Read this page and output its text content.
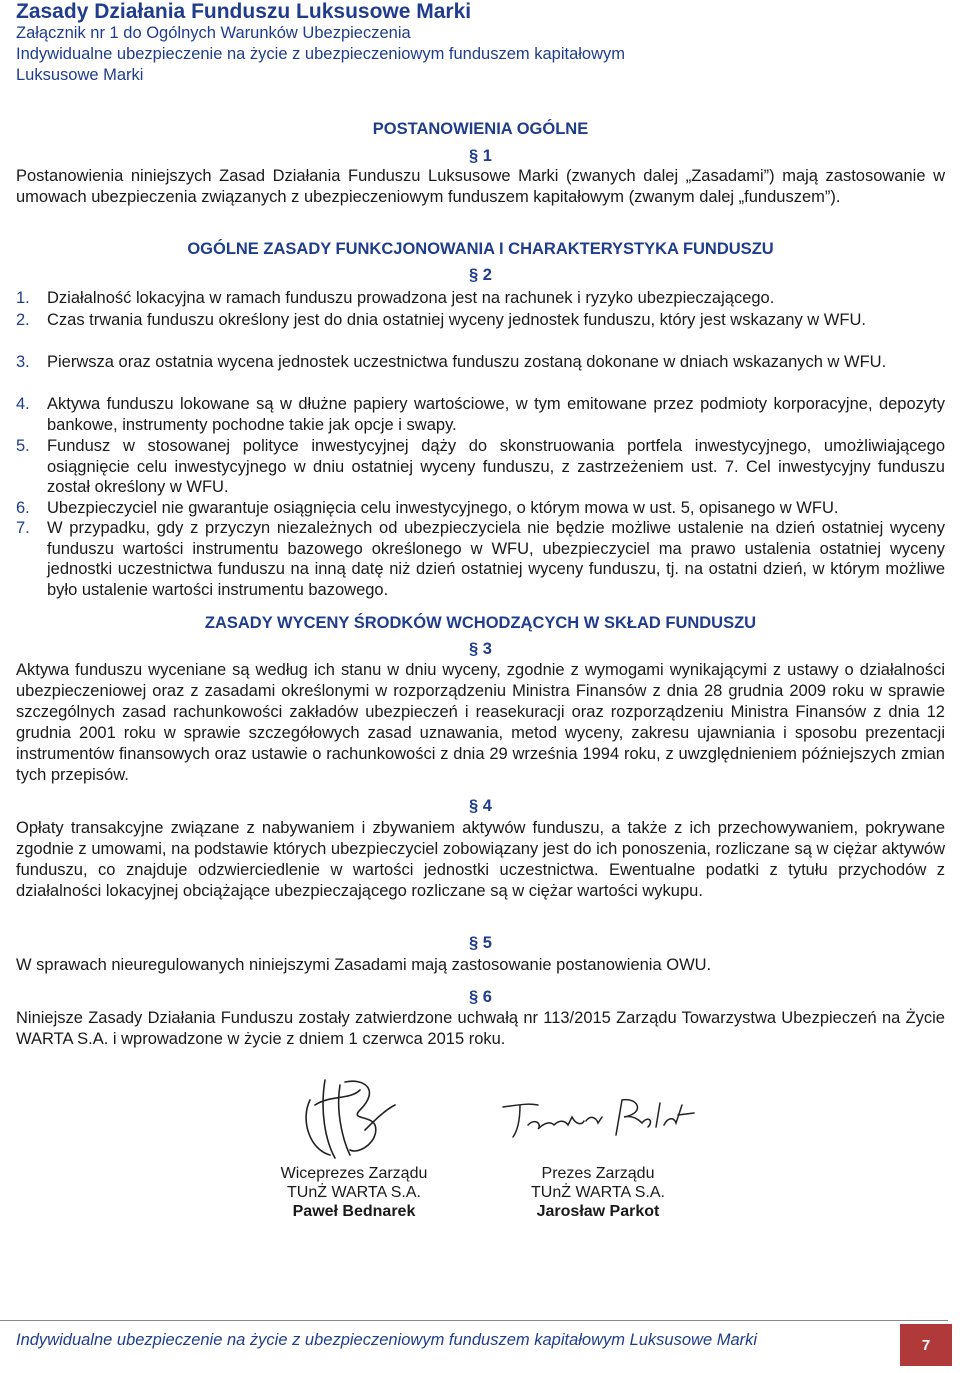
Zasady Działania Funduszu Luksusowe Marki
Załącznik nr 1 do Ogólnych Warunków Ubezpieczenia
Indywidualne ubezpieczenie na życie z ubezpieczeniowym funduszem kapitałowym
Luksusowe Marki
POSTANOWIENIA OGÓLNE
§ 1
Postanowienia niniejszych Zasad Działania Funduszu Luksusowe Marki (zwanych dalej „Zasadami”) mają zastosowanie w umowach ubezpieczenia związanych z ubezpieczeniowym funduszem kapitałowym (zwanym dalej „funduszem”).
OGÓLNE ZASADY FUNKCJONOWANIA I CHARAKTERYSTYKA FUNDUSZU
§ 2
1. Działalność lokacyjna w ramach funduszu prowadzona jest na rachunek i ryzyko ubezpieczającego.
2. Czas trwania funduszu określony jest do dnia ostatniej wyceny jednostek funduszu, który jest wskazany w WFU.
3. Pierwsza oraz ostatnia wycena jednostek uczestnictwa funduszu zostaną dokonane w dniach wskazanych w WFU.
4. Aktywa funduszu lokowane są w dłużne papiery wartościowe, w tym emitowane przez podmioty korporacyjne, depozyty bankowe, instrumenty pochodne takie jak opcje i swapy.
5. Fundusz w stosowanej polityce inwestycyjnej dąży do skonstruowania portfela inwestycyjnego, umożliwiającego osiągnięcie celu inwestycyjnego w dniu ostatniej wyceny funduszu, z zastrzeżeniem ust. 7. Cel inwestycyjny funduszu został określony w WFU.
6. Ubezpieczyciel nie gwarantuje osiągnięcia celu inwestycyjnego, o którym mowa w ust. 5, opisanego w WFU.
7. W przypadku, gdy z przyczyn niezależnych od ubezpieczyciela nie będzie możliwe ustalenie na dzień ostatniej wyceny funduszu wartości instrumentu bazowego określonego w WFU, ubezpieczyciel ma prawo ustalenia ostatniej wyceny jednostki uczestnictwa funduszu na inną datę niż dzień ostatniej wyceny funduszu, tj. na ostatni dzień, w którym możliwe było ustalenie wartości instrumentu bazowego.
ZASADY WYCENY ŚRODKÓW WCHODZĄCYCH W SKŁAD FUNDUSZU
§ 3
Aktywa funduszu wyceniane są według ich stanu w dniu wyceny, zgodnie z wymogami wynikającymi z ustawy o działalności ubezpieczeniowej oraz z zasadami określonymi w rozporządzeniu Ministra Finansów z dnia 28 grudnia 2009 roku w sprawie szczególnych zasad rachunkowości zakładów ubezpieczeń i reasekuracji oraz rozporządzeniu Ministra Finansów z dnia 12 grudnia 2001 roku w sprawie szczegółowych zasad uznawania, metod wyceny, zakresu ujawniania i sposobu prezentacji instrumentów finansowych oraz ustawie o rachunkowości z dnia 29 września 1994 roku, z uwzględnieniem późniejszych zmian tych przepisów.
§ 4
Opłaty transakcyjne związane z nabywaniem i zbywaniem aktywów funduszu, a także z ich przechowywaniem, pokrywane zgodnie z umowami, na podstawie których ubezpieczyciel zobowiązany jest do ich ponoszenia, rozliczane są w ciężar aktywów funduszu, co znajduje odzwierciedlenie w wartości jednostki uczestnictwa. Ewentualne podatki z tytułu przychodów z działalności lokacyjnej obciążające ubezpieczającego rozliczane są w ciężar wartości wykupu.
§ 5
W sprawach nieuregulowanych niniejszymi Zasadami mają zastosowanie postanowienia OWU.
§ 6
Niniejsze Zasady Działania Funduszu zostały zatwierdzone uchwałą nr 113/2015 Zarządu Towarzystwa Ubezpieczeń na Życie WARTA S.A. i wprowadzone w życie z dniem 1 czerwca 2015 roku.
Wiceprezes Zarządu
TUnŻ WARTA S.A.
Paweł Bednarek
Prezes Zarządu
TUnŻ WARTA S.A.
Jarosław Parkot
Indywidualne ubezpieczenie na życie z ubezpieczeniowym funduszem kapitałowym Luksusowe Marki	7
